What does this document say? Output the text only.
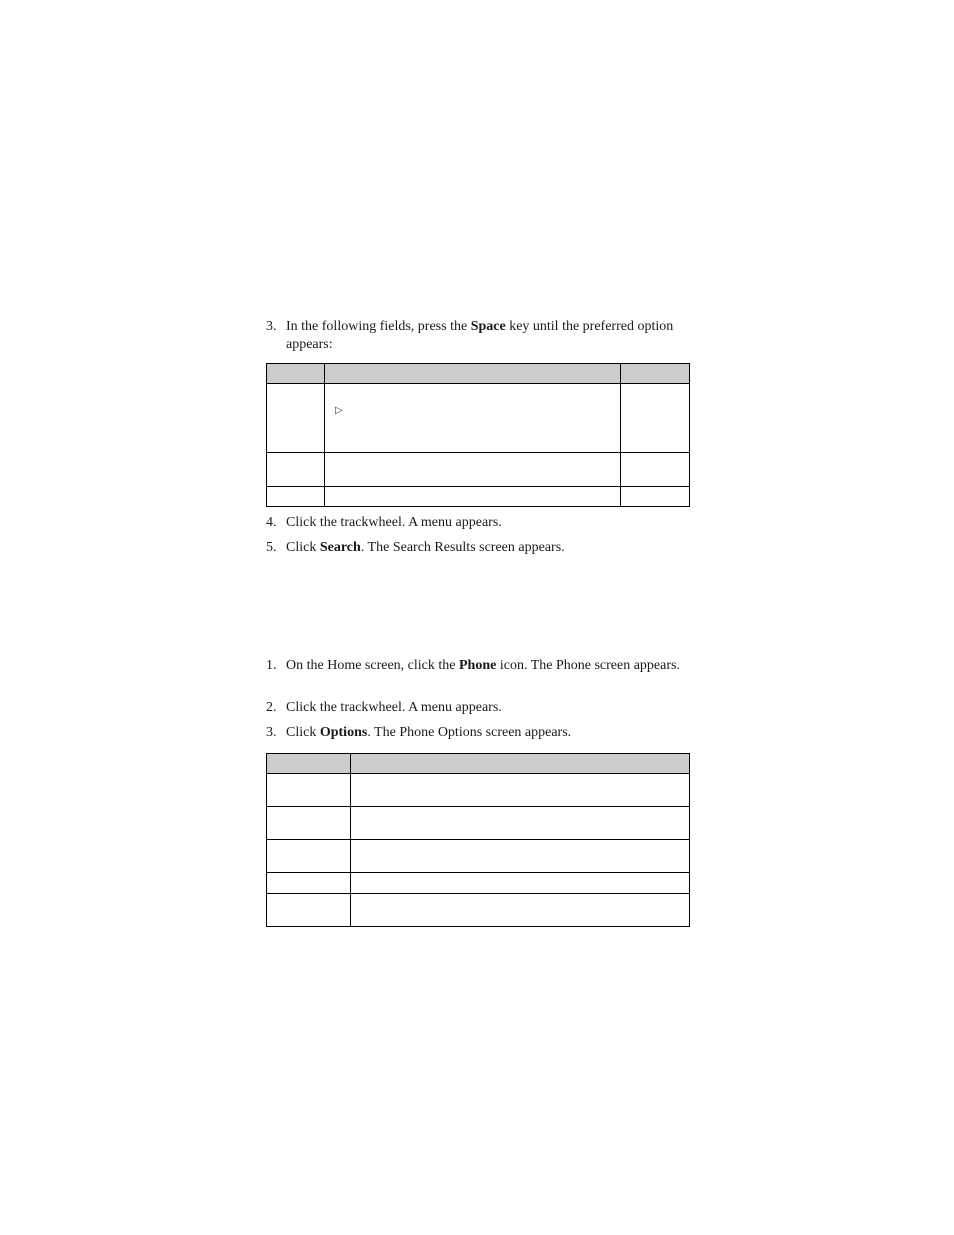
3. In the following fields, press the Space key until the preferred option appears:

	▷	

4. Click the trackwheel. A menu appears.
5. Click Search. The Search Results screen appears.
1. On the Home screen, click the Phone icon. The Phone screen appears.
2. Click the trackwheel. A menu appears.
3. Click Options. The Phone Options screen appears.
